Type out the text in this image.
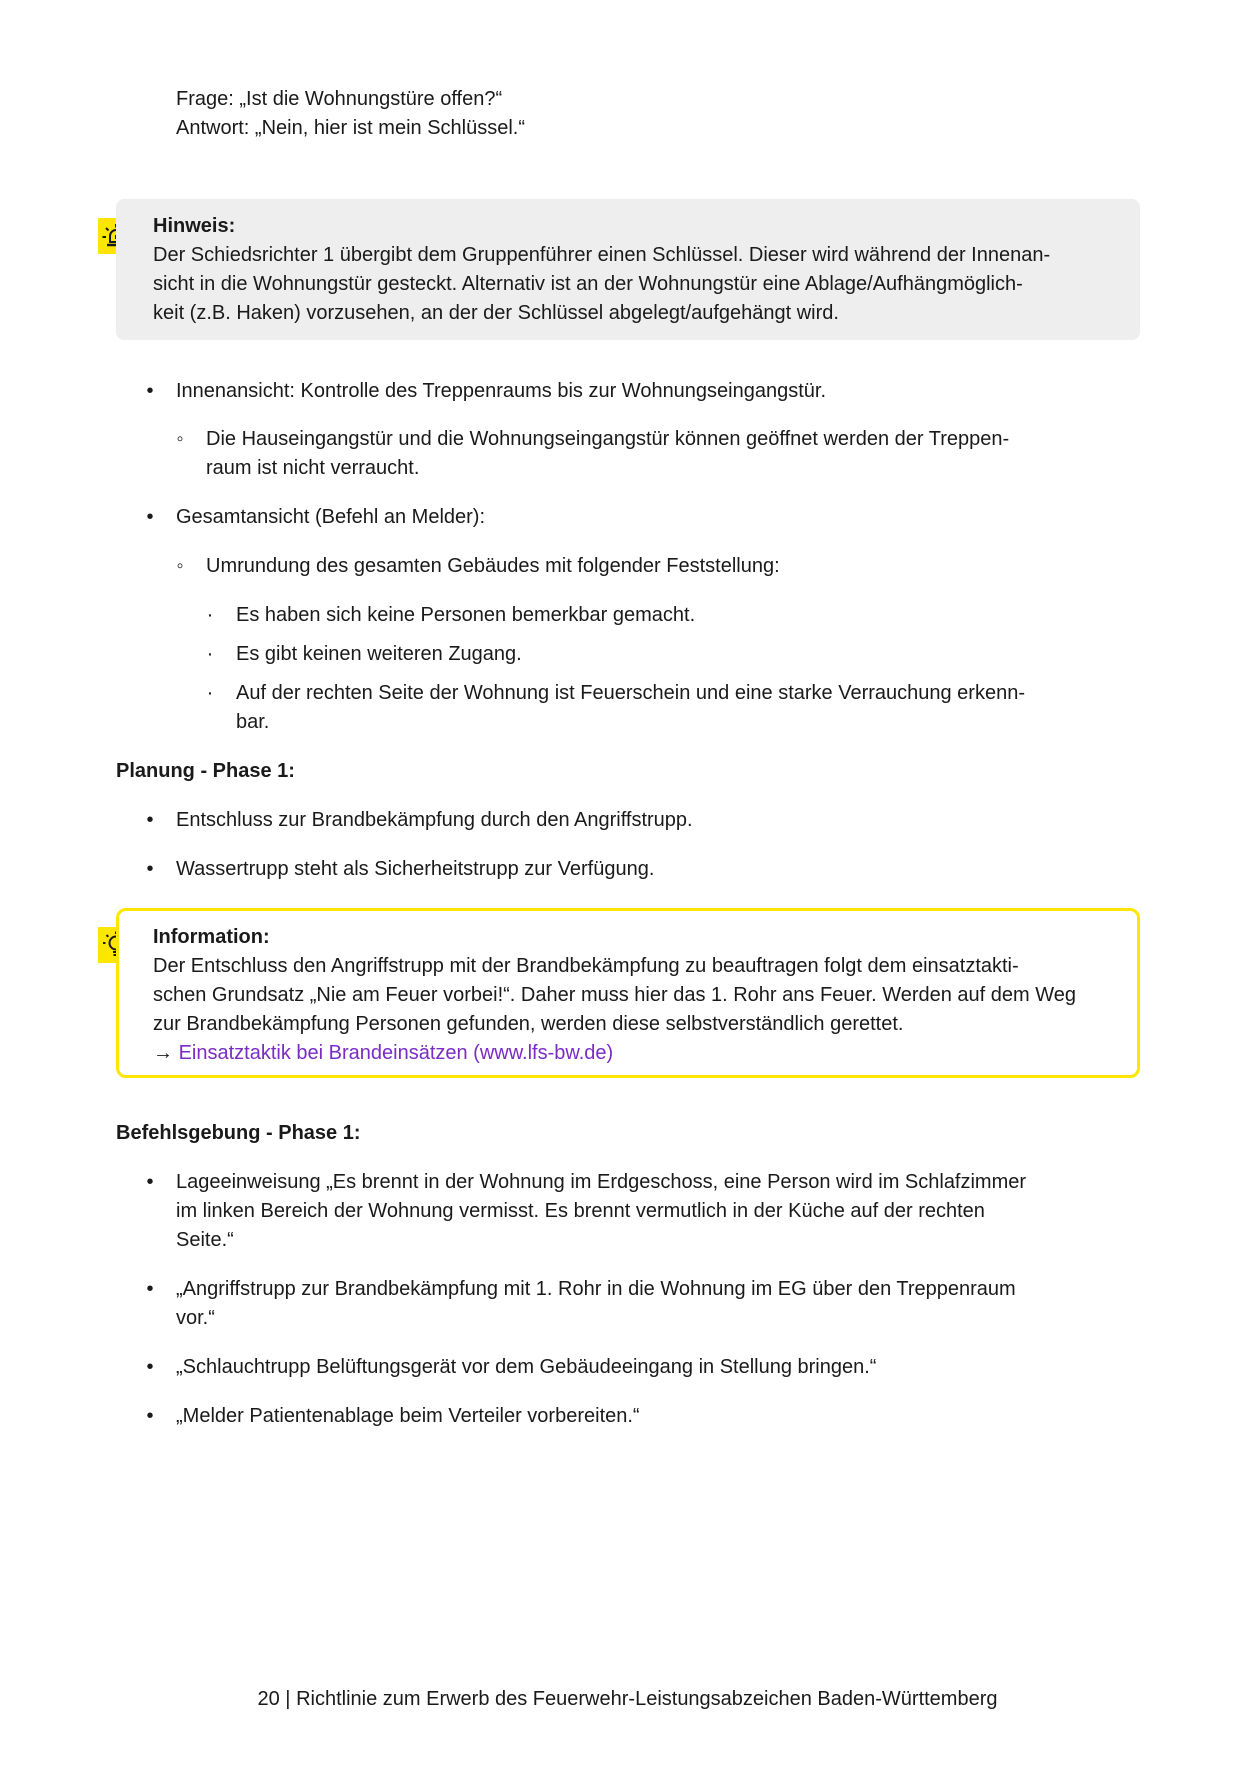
Frage: „Ist die Wohnungstüre offen?“
Antwort: „Nein, hier ist mein Schlüssel.“
Hinweis:
Der Schiedsrichter 1 übergibt dem Gruppenführer einen Schlüssel. Dieser wird während der Innenan-
sicht in die Wohnungstür gesteckt. Alternativ ist an der Wohnungstür eine Ablage/Aufhängmöglich-
keit (z.B. Haken) vorzusehen, an der der Schlüssel abgelegt/aufgehängt wird.
•	Innenansicht: Kontrolle des Treppenraums bis zur Wohnungseingangstür.
◦	Die Hauseingangstür und die Wohnungseingangstür können geöffnet werden der Treppen-
raum ist nicht verraucht.
•	Gesamtansicht (Befehl an Melder):
◦	Umrundung des gesamten Gebäudes mit folgender Feststellung:
·	Es haben sich keine Personen bemerkbar gemacht.
·	Es gibt keinen weiteren Zugang.
·	Auf der rechten Seite der Wohnung ist Feuerschein und eine starke Verrauchung erkenn-
bar.
Planung - Phase 1:
•	Entschluss zur Brandbekämpfung durch den Angriffstrupp.
•	Wassertrupp steht als Sicherheitstrupp zur Verfügung.
Information:
Der Entschluss den Angriffstrupp mit der Brandbekämpfung zu beauftragen folgt dem einsatztakti-
schen Grundsatz „Nie am Feuer vorbei!“. Daher muss hier das 1. Rohr ans Feuer. Werden auf dem Weg
zur Brandbekämpfung Personen gefunden, werden diese selbstverständlich gerettet.
→ Einsatztaktik bei Brandeinsätzen (www.lfs-bw.de)
Befehlsgebung - Phase 1:
•	Lageeinweisung „Es brennt in der Wohnung im Erdgeschoss, eine Person wird im Schlafzimmer
im linken Bereich der Wohnung vermisst. Es brennt vermutlich in der Küche auf der rechten
Seite.“
•	„Angriffstrupp zur Brandbekämpfung mit 1. Rohr in die Wohnung im EG über den Treppenraum
vor.“
•	„Schlauchtrupp Belüftungsgerät vor dem Gebäudeeingang in Stellung bringen.“
•	„Melder Patientenablage beim Verteiler vorbereiten.“
20 | Richtlinie zum Erwerb des Feuerwehr-Leistungsabzeichen Baden-Württemberg
